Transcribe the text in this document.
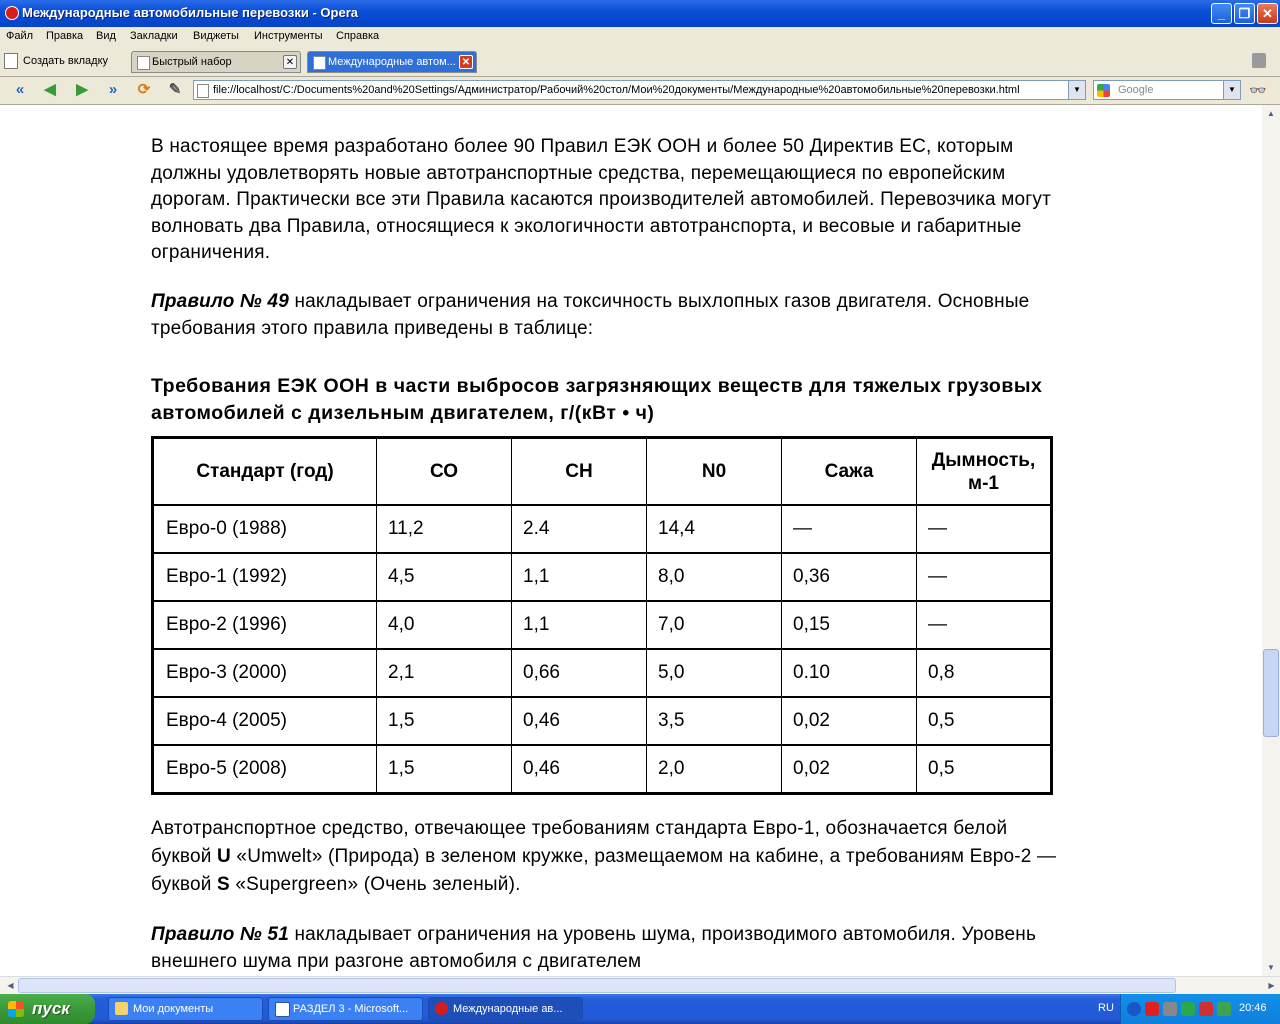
Международные автомобильные перевозки - Opera	_	❐ ✕
Файл Правка Вид Закладки Виджеты Инструменты Справка
Создать вкладку	Быстрый набор	✕	Международные автом... ✕
«	◀ ▶	»	⟳ ✎	file://localhost/C:/Documents%20and%20Settings/Администратор/Рабочий%20стол/Мои%20документы/Международные%20автомобильные%20перевозки.html	▼	Google	▼ 👓
В настоящее время разработано более 90 Правил ЕЭК ООН и более 50 Директив ЕС, которым должны удовлетворять новые автотранспортные средства, перемещающиеся по европейским дорогам. Практически все эти Правила касаются производителей автомобилей. Перевозчика могут волновать два Правила, относящиеся к экологичности автотранспорта, и весовые и габаритные ограничения.
Правило № 49 накладывает ограничения на токсичность выхлопных газов двигателя. Основные требования этого правила приведены в таблице:
Требования ЕЭК ООН в части выбросов загрязняющих веществ для тяжелых грузовых автомобилей с дизельным двигателем, г/(кВт • ч)
Стандарт (год)	СО	СН	N0	Сажа	Дымность, м-1
Евро-0 (1988)	11,2	2.4	14,4	—	—
Евро-1 (1992)	4,5	1,1	8,0	0,36	—
Евро-2 (1996)	4,0	1,1	7,0	0,15	—
Евро-3 (2000)	2,1	0,66	5,0	0.10	0,8
Евро-4 (2005)	1,5	0,46	3,5	0,02	0,5
Евро-5 (2008)	1,5	0,46	2,0	0,02	0,5
Автотранспортное средство, отвечающее требованиям стандарта Евро-1, обозначается белой буквой U «Umwelt» (Природа) в зеленом кружке, размещаемом на кабине, а требованиям Евро-2 — буквой S «Supergreen» (Очень зеленый).
Правило № 51 накладывает ограничения на уровень шума, производимого автомобиля. Уровень внешнего шума при разгоне автомобиля с двигателем
▲
▼
◀	▶
пуск	Мои документы	РАЗДЕЛ 3 - Microsoft...	Международные ав...	RU	20:46
